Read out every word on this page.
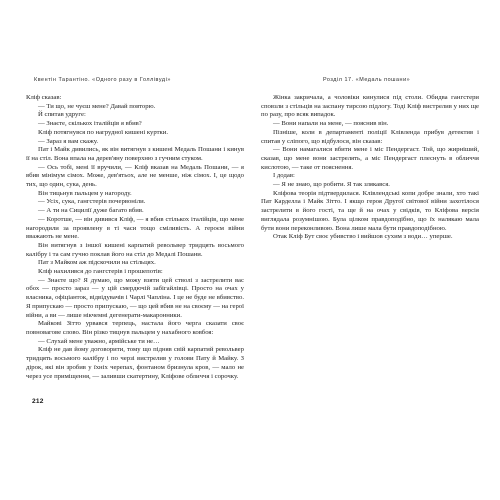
Квентін Тарантіно. «Одного разу в Голлівуді»

Кліф сказав:

— Ти що, не чуєш мене? Давай повторю.

Й спитав удруге:

— Знаєте, скількох італійців я вбив?

Кліф потягнувся по нагрудної кишені куртки.

— Зараз я вам скажу.

Пат і Майк дивились, як він витягнув з кишені Медаль Пошани і кинув її на стіл. Вона впала на дерев'яну поверхню з гучним стуком.

— Ось тобі, мені її вручили, — Кліф вказав на Медаль Пошани, — я вбив мінімум сімох. Може, дев'ятьох, але не менше, ніж сімох. І, це щодо тих, що один, сука, день.

Він тицьнув пальцем у нагороду.

— Усіх, сука, гангстерів почервоніли.

— А ти на Сицилії дуже багато вбив.

— Коротше, — він дивився Кліф, — я вбив стількох італійців, що мене нагородили за проявлену в ті часи тощо сміливість. А героєм війни вважають не мене.

Він витягнув з іншої кишені карпатий револьвер тридцять восьмого калібру і та сам гучно поклав його на стіл до Медалі Пошани.

Пат з Майком аж підскочили на стільцях.

Кліф нахилився до гангстерів і прошепотів:

— Знаєте що? Я думаю, що можу взяти цей стволі з застрелити вас обох — просто зараз — у цій смердючій забігайлівці. Просто на очах у власника, офіціанток, відвідувачів і Чарлі Чапліна. І це не буде не вбивство. Я припускаю — просто припускаю, — що цей вбив не на своєму — на герої війни, а ви — лише нікчемні дегенерати-макаронники.

Майкові Зітто урвався терпець, настала його черга сказати своє повновагове слово. Він різко тицнув пальцем у нахабного ковбоя:

— Слухай мене уважно, армійське ти не…

Кліф не дав йому договорити, тому що підняв свій карпатий револьвер тридцять восьмого калібру і по черзі вистрелив у голови Пату й Майку. З дірок, які він зробив у їхніх черепах, фонтаном бризнула кров, — мало не через усе приміщення, — заливши скатертину, Кліфове обличчя і сорочку.

212
Розділ 17. «Медаль пошани»

Жінка закричала, а чоловіки кинулися під столи. Обидва гангстери сповзли з стільців на заспану тирсою підлогу. Тоді Кліф вистрелив у них ще по разу, про всяк випадок.

— Вони напали на мене, — пояснив він.

Пізніше, коли в департаменті поліції Клівленда прибув детектив і спитав у сліпого, що відбулося, він сказав:

— Вони намагалися вбити мене і міс Пендергаст. Той, що жирніший, сказав, що мене вони застрелять, а міс Пендергаст плеснуть в обличчя кислотою, — таке от пояснення.

І додав:

— Я не знаю, що робити. Я так злякався.

Кліфова теорія підтвердилася. Клівлендські копи добре знали, хто такі Пат Карделла і Майк Зітто. І якщо героя Другої світової війни захотілося застрелити в його гості, та ще й на очах у свідків, то Кліфова версія виглядала розумнішою. Була цілком правдоподібно, що їх налякаю мала бути вони переконливою. Вона лише мала бути правдоподібною.

Отак Кліф Бут своє убивство і вийшов сухим з води… уперше.
